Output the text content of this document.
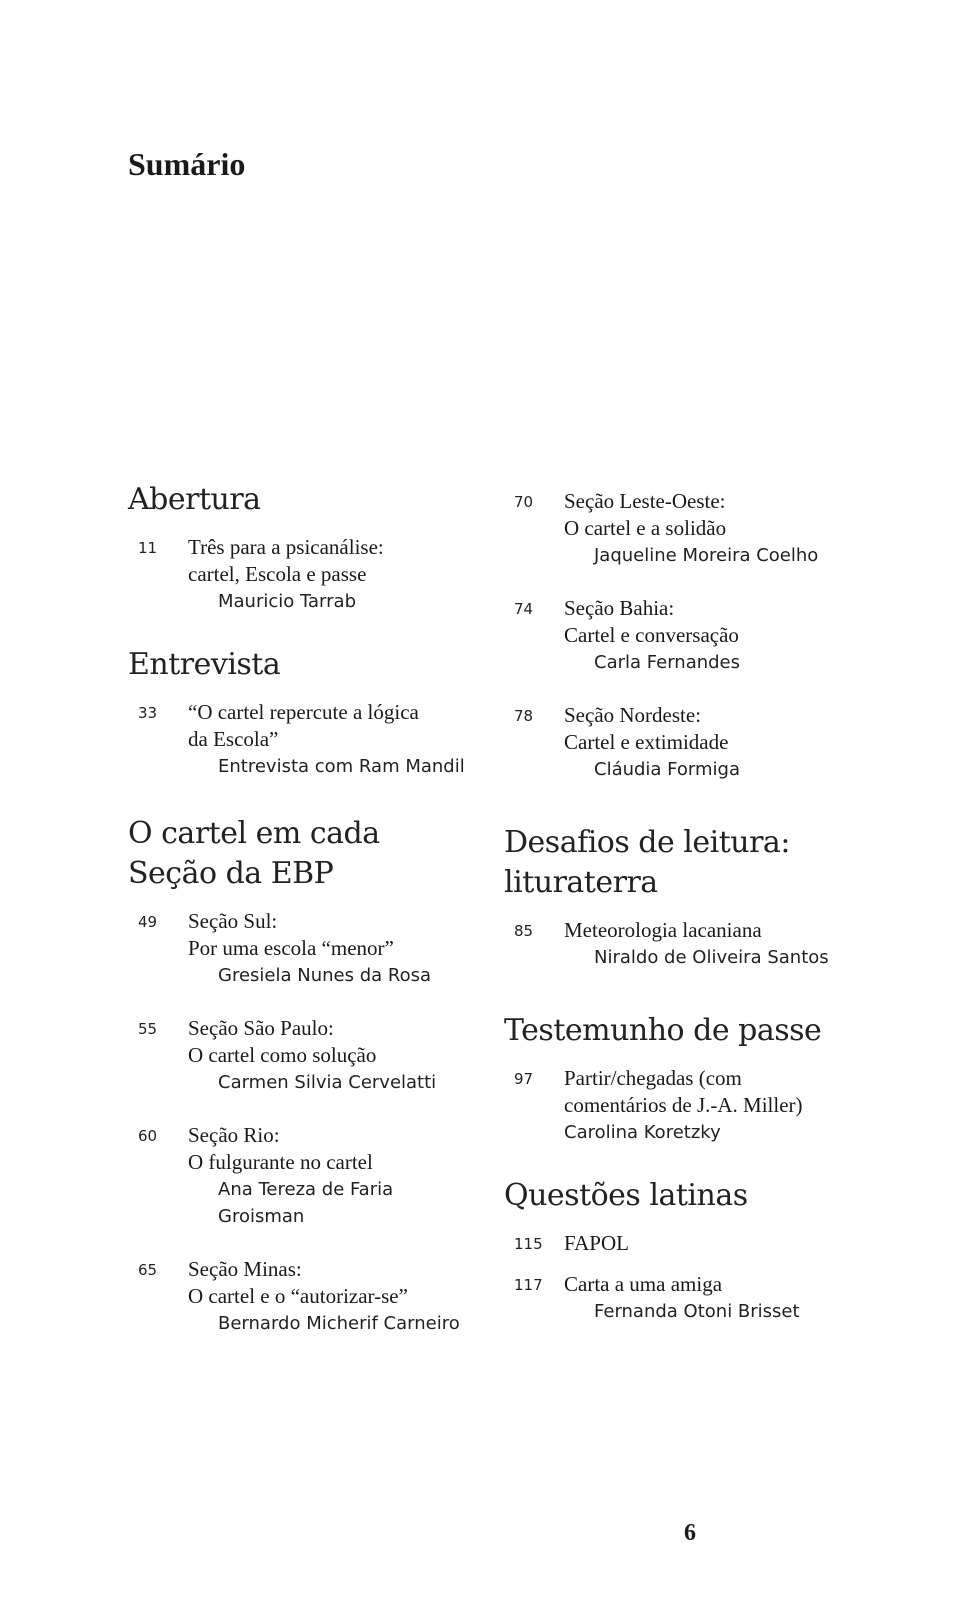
Sumário
Abertura
11 Três para a psicanálise:
cartel, Escola e passe
Mauricio Tarrab
Entrevista
33 “O cartel repercute a lógica
da Escola”
Entrevista com Ram Mandil
O cartel em cada
Seção da EBP
49 Seção Sul:
Por uma escola “menor”
Gresiela Nunes da Rosa
55 Seção São Paulo:
O cartel como solução
Carmen Silvia Cervelatti
60 Seção Rio:
O fulgurante no cartel
Ana Tereza de Faria
Groisman
65 Seção Minas:
O cartel e o “autorizar-se”
Bernardo Micherif Carneiro
70 Seção Leste-Oeste:
O cartel e a solidão
Jaqueline Moreira Coelho
74 Seção Bahia:
Cartel e conversação
Carla Fernandes
78 Seção Nordeste:
Cartel e extimidade
Cláudia Formiga
Desafios de leitura:
lituraterra
85 Meteorologia lacaniana
Niraldo de Oliveira Santos
Testemunho de passe
97 Partir/chegadas (com
comentários de J.-A. Miller)
Carolina Koretzky
Questões latinas
115 FAPOL
117 Carta a uma amiga
Fernanda Otoni Brisset
6
